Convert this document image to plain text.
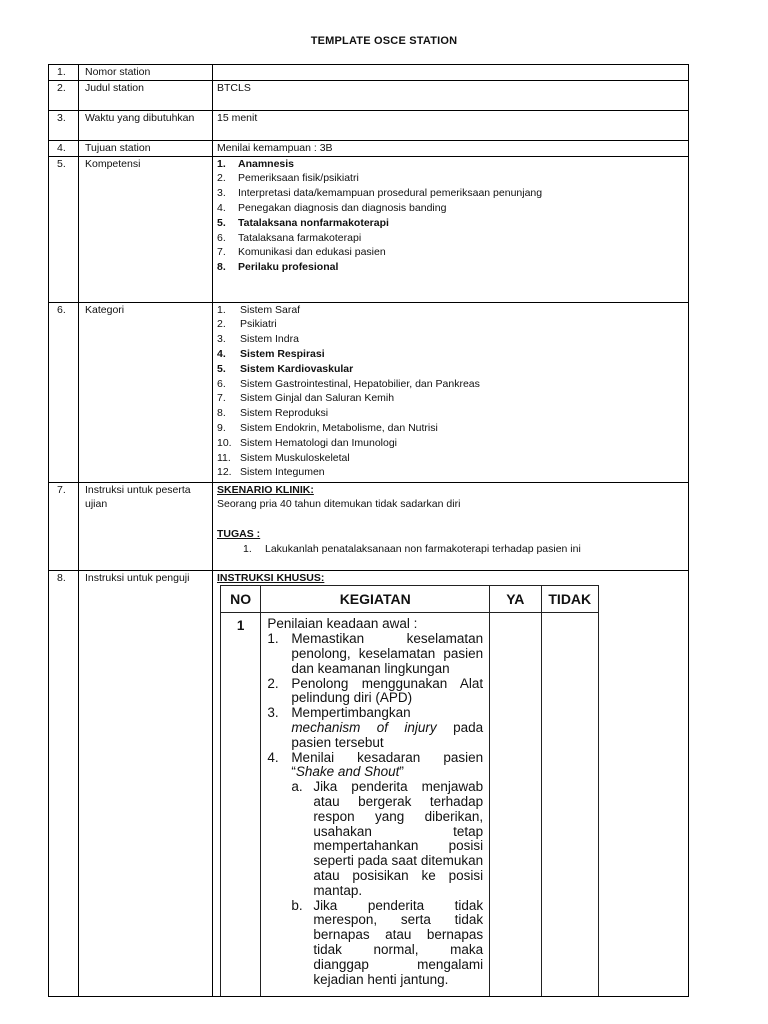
TEMPLATE OSCE STATION
1.	Nomor station	
2.	Judul station	BTCLS
3.	Waktu yang dibutuhkan	15 menit
4.	Tujuan station	Menilai kemampuan : 3B
5.	Kompetensi	1.	Anamnesis
2.	Pemeriksaan fisik/psikiatri
3.	Interpretasi data/kemampuan prosedural pemeriksaan penunjang
4.	Penegakan diagnosis dan diagnosis banding
5.	Tatalaksana nonfarmakoterapi
6.	Tatalaksana farmakoterapi
7.	Komunikasi dan edukasi pasien
8.	Perilaku profesional

6.	Kategori	1.	Sistem Saraf
2.	Psikiatri
3.	Sistem Indra
4.	Sistem Respirasi
5.	Sistem Kardiovaskular
6.	Sistem Gastrointestinal, Hepatobilier, dan Pankreas
7.	Sistem Ginjal dan Saluran Kemih
8.	Sistem Reproduksi
9.	Sistem Endokrin, Metabolisme, dan Nutrisi
10. Sistem Hematologi dan Imunologi
11. Sistem Muskuloskeletal
12. Sistem Integumen

7.	Instruksi untuk peserta ujian	
SKENARIO KLINIK:
Seorang pria 40 tahun ditemukan tidak sadarkan diri
TUGAS :
1.	Lakukanlah penatalaksanaan non farmakoterapi terhadap pasien ini

8.	Instruksi untuk penguji	INSTRUKSI KHUSUS:
NO	KEGIATAN	YA	TIDAK
1	Penilaian keadaan awal :
1. Memastikan keselamatan penolong, keselamatan pasien dan keamanan lingkungan
2. Penolong menggunakan Alat pelindung diri (APD)
3. Mempertimbangkan mechanism of injury pada pasien tersebut
4. Menilai kesadaran pasien “Shake and Shout”
a. Jika penderita menjawab atau bergerak terhadap respon yang diberikan, usahakan tetap mempertahankan posisi seperti pada saat ditemukan atau posisikan ke posisi mantap.
b. Jika penderita tidak merespon, serta tidak bernapas atau bernapas tidak normal, maka dianggap mengalami kejadian henti jantung.
